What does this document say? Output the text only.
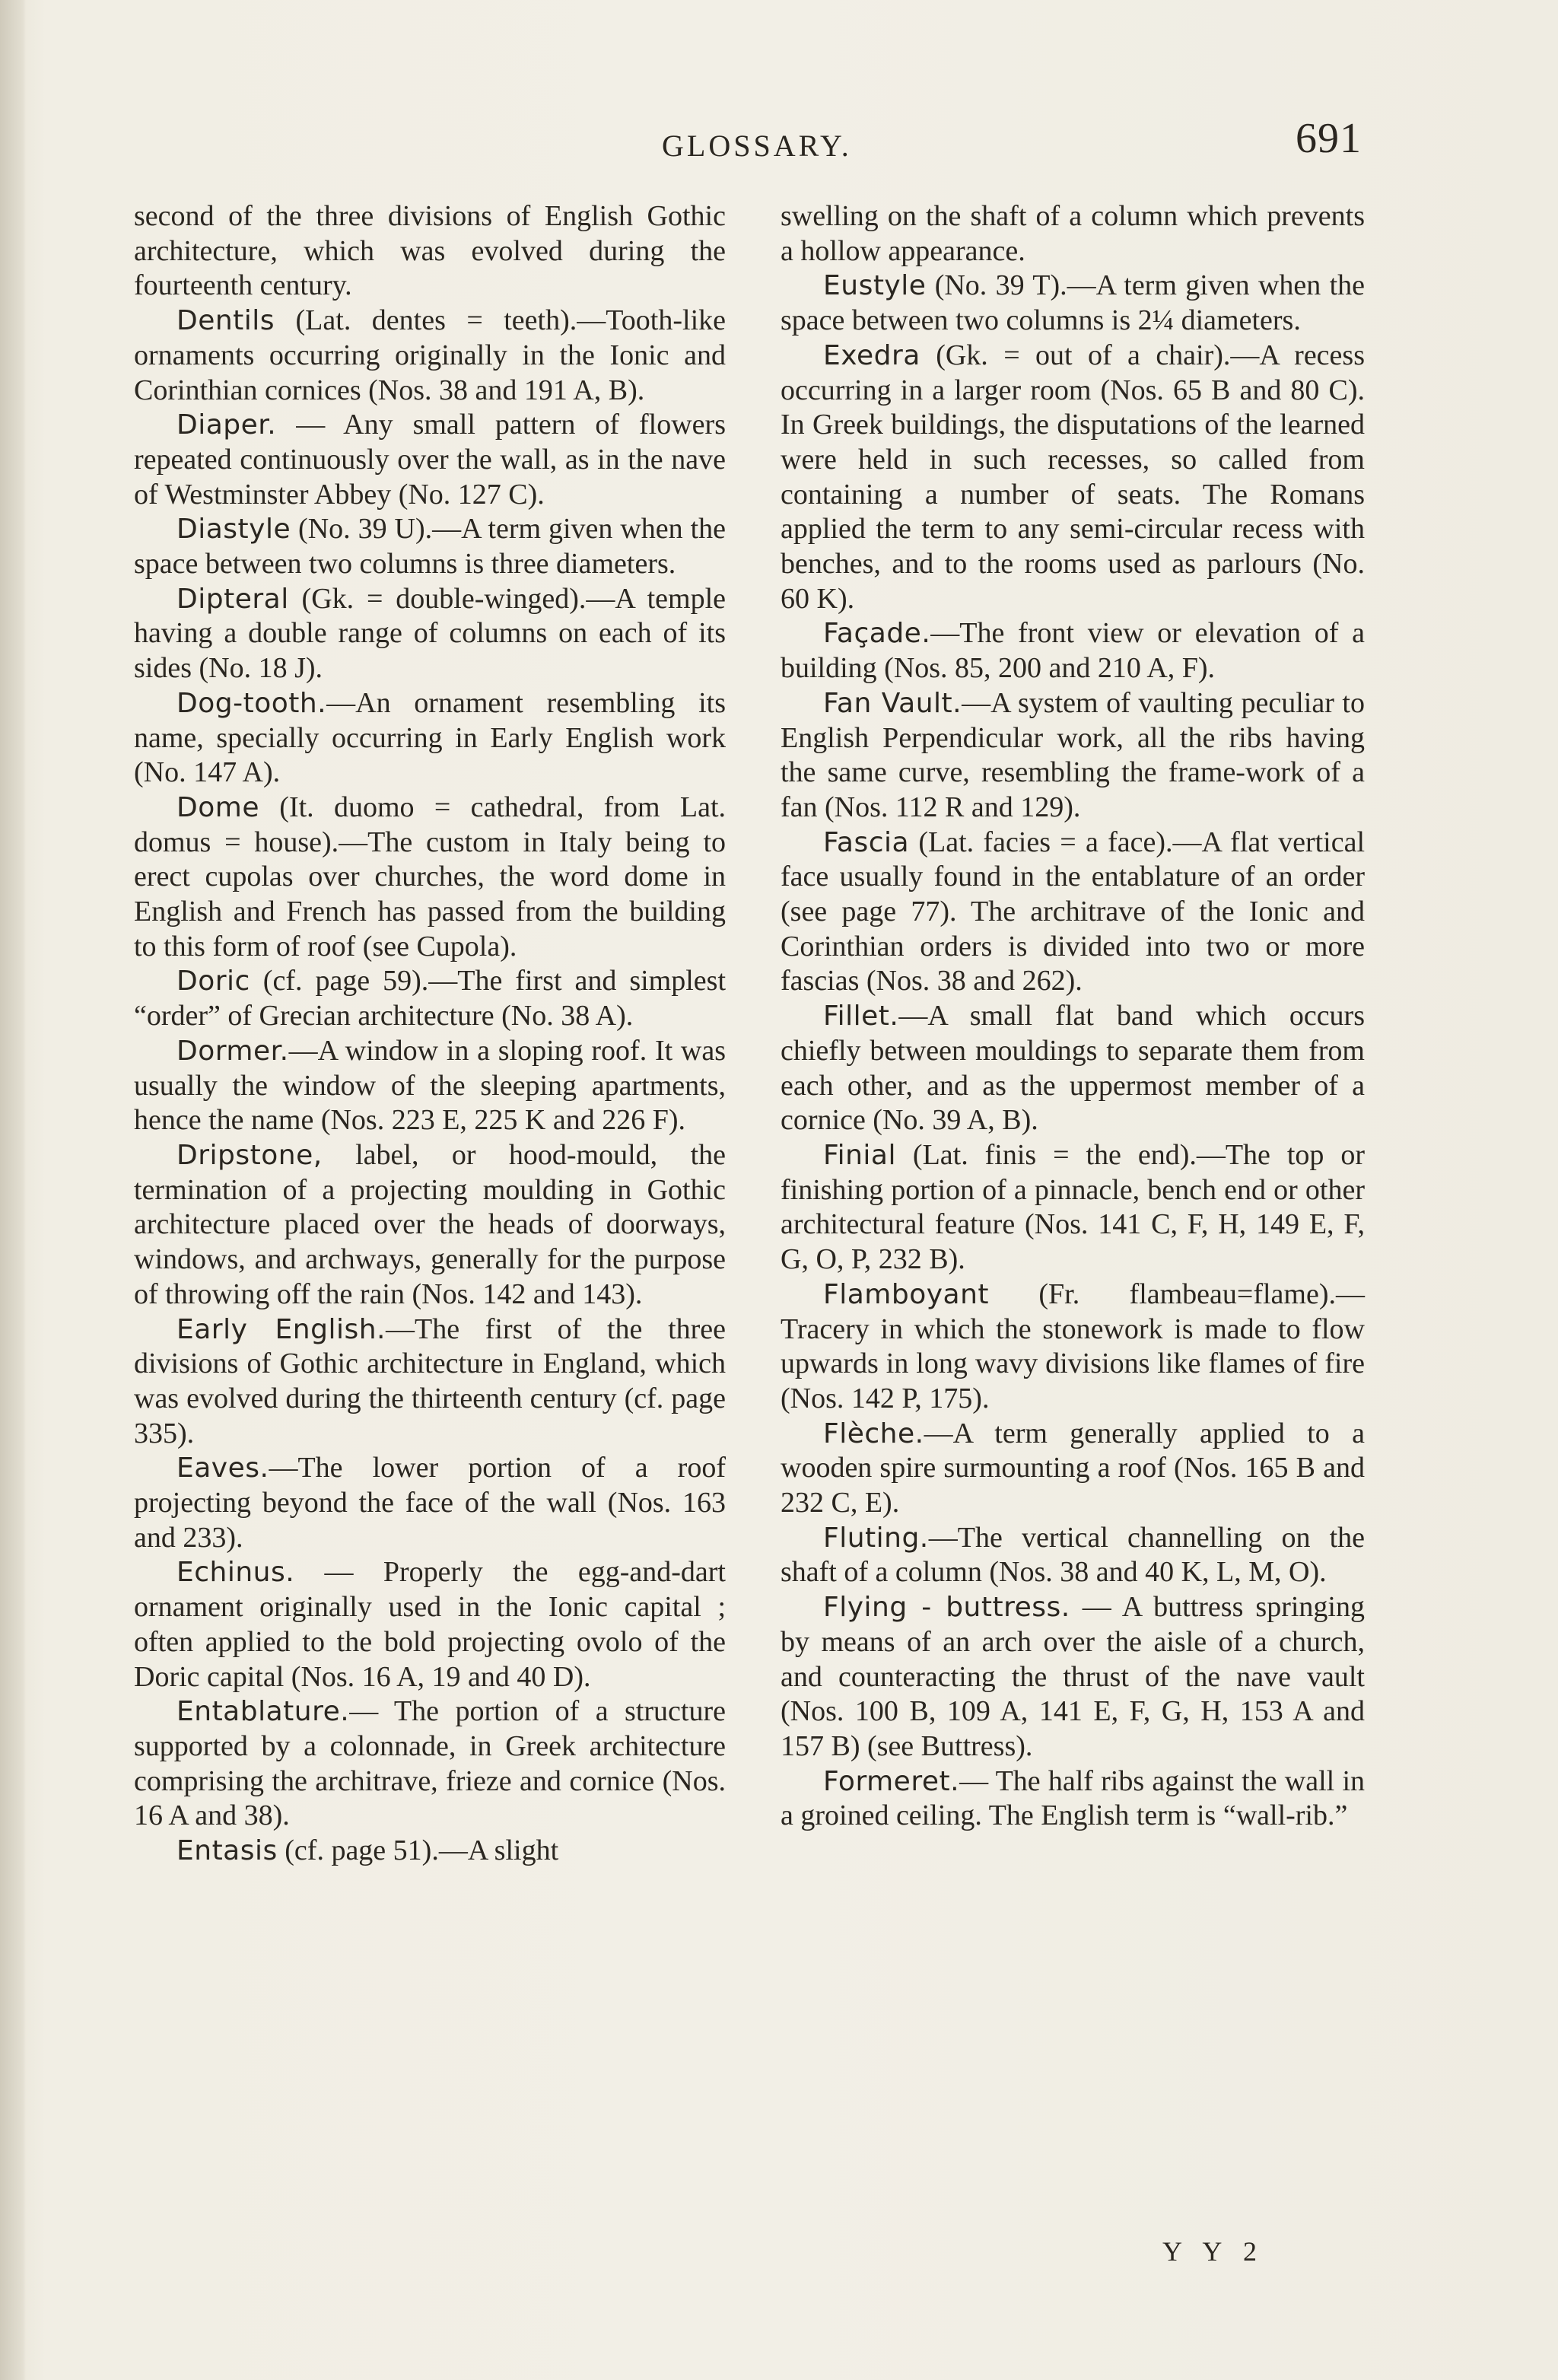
GLOSSARY.	691

second of the three divisions of English Gothic architecture, which was evolved during the fourteenth century.

Dentils (Lat. dentes = teeth).—Tooth-like ornaments occurring originally in the Ionic and Corinthian cornices (Nos. 38 and 191 A, B).

Diaper. — Any small pattern of flowers repeated continuously over the wall, as in the nave of Westminster Abbey (No. 127 C).

Diastyle (No. 39 U).—A term given when the space between two columns is three diameters.

Dipteral (Gk. = double-winged).—A temple having a double range of columns on each of its sides (No. 18 J).

Dog-tooth.—An ornament resembling its name, specially occurring in Early English work (No. 147 A).

Dome (It. duomo = cathedral, from Lat. domus = house).—The custom in Italy being to erect cupolas over churches, the word dome in English and French has passed from the building to this form of roof (see Cupola).

Doric (cf. page 59).—The first and simplest “order” of Grecian architecture (No. 38 A).

Dormer.—A window in a sloping roof. It was usually the window of the sleeping apartments, hence the name (Nos. 223 E, 225 K and 226 F).

Dripstone, label, or hood-mould, the termination of a projecting moulding in Gothic architecture placed over the heads of doorways, windows, and archways, generally for the purpose of throwing off the rain (Nos. 142 and 143).

Early English.—The first of the three divisions of Gothic architecture in England, which was evolved during the thirteenth century (cf. page 335).

Eaves.—The lower portion of a roof projecting beyond the face of the wall (Nos. 163 and 233).

Echinus. — Properly the egg-and-dart ornament originally used in the Ionic capital ; often applied to the bold projecting ovolo of the Doric capital (Nos. 16 A, 19 and 40 D).

Entablature.— The portion of a structure supported by a colonnade, in Greek architecture comprising the architrave, frieze and cornice (Nos. 16 A and 38).

Entasis (cf. page 51).—A slight

swelling on the shaft of a column which prevents a hollow appearance.

Eustyle (No. 39 T).—A term given when the space between two columns is 2¼ diameters.

Exedra (Gk. = out of a chair).—A recess occurring in a larger room (Nos. 65 B and 80 C). In Greek buildings, the disputations of the learned were held in such recesses, so called from containing a number of seats. The Romans applied the term to any semi-circular recess with benches, and to the rooms used as parlours (No. 60 K).

Façade.—The front view or elevation of a building (Nos. 85, 200 and 210 A, F).

Fan Vault.—A system of vaulting peculiar to English Perpendicular work, all the ribs having the same curve, resembling the frame-work of a fan (Nos. 112 R and 129).

Fascia (Lat. facies = a face).—A flat vertical face usually found in the entablature of an order (see page 77). The architrave of the Ionic and Corinthian orders is divided into two or more fascias (Nos. 38 and 262).

Fillet.—A small flat band which occurs chiefly between mouldings to separate them from each other, and as the uppermost member of a cornice (No. 39 A, B).

Finial (Lat. finis = the end).—The top or finishing portion of a pinnacle, bench end or other architectural feature (Nos. 141 C, F, H, 149 E, F, G, O, P, 232 B).

Flamboyant (Fr. flambeau=flame).—Tracery in which the stonework is made to flow upwards in long wavy divisions like flames of fire (Nos. 142 P, 175).

Flèche.—A term generally applied to a wooden spire surmounting a roof (Nos. 165 B and 232 C, E).

Fluting.—The vertical channelling on the shaft of a column (Nos. 38 and 40 K, L, M, O).

Flying - buttress. — A buttress springing by means of an arch over the aisle of a church, and counteracting the thrust of the nave vault (Nos. 100 B, 109 A, 141 E, F, G, H, 153 A and 157 B) (see Buttress).

Formeret.— The half ribs against the wall in a groined ceiling. The English term is “wall-rib.”

Y Y 2
